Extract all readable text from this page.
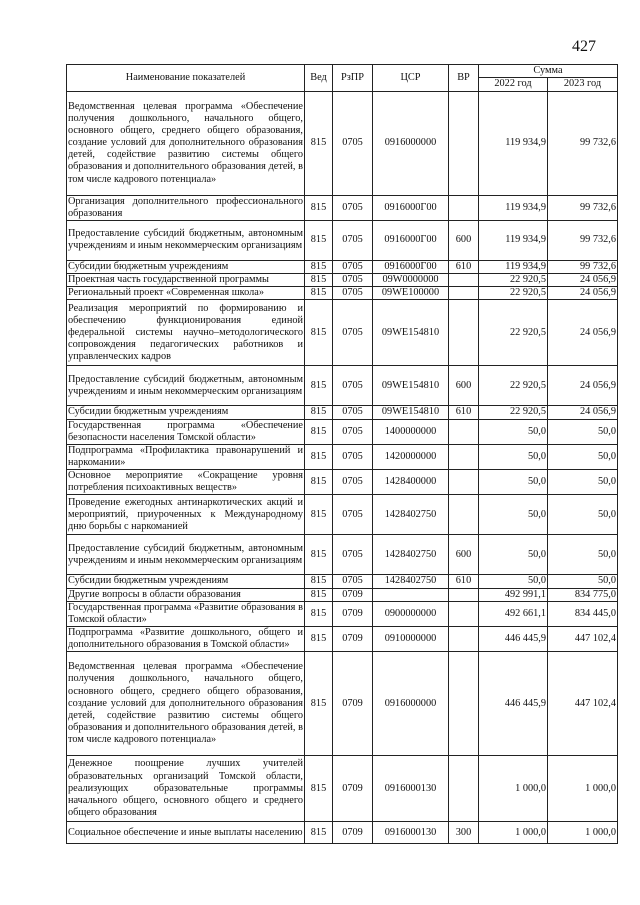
427
Наименование показателей	Вед	РзПР	ЦСР	ВР	Сумма	
					2022 год	2023 год
Ведомственная целевая программа «Обеспечение получения дошкольного, начального общего, основного общего, среднего общего образования, создание условий для дополнительного образования детей, содействие развитию системы общего образования и дополнительного образования детей, в том числе кадрового потенциала»	815	0705	0916000000		119 934,9	99 732,6
Организация дополнительного профессионального образования	815	0705	0916000Г00		119 934,9	99 732,6
Предоставление субсидий бюджетным, автономным учреждениям и иным некоммерческим организациям	815	0705	0916000Г00	600	119 934,9	99 732,6
Субсидии бюджетным учреждениям	815	0705	0916000Г00	610	119 934,9	99 732,6
Проектная часть государственной программы	815	0705	09W0000000		22 920,5	24 056,9
Региональный проект «Современная школа»	815	0705	09WE100000		22 920,5	24 056,9
Реализация мероприятий по формированию и обеспечению функционирования единой федеральной системы научно–методологического сопровождения педагогических работников и управленческих кадров	815	0705	09WE154810		22 920,5	24 056,9
Предоставление субсидий бюджетным, автономным учреждениям и иным некоммерческим организациям	815	0705	09WE154810	600	22 920,5	24 056,9
Субсидии бюджетным учреждениям	815	0705	09WE154810	610	22 920,5	24 056,9
Государственная программа «Обеспечение безопасности населения Томской области»	815	0705	1400000000		50,0	50,0
Подпрограмма «Профилактика правонарушений и наркомании»	815	0705	1420000000		50,0	50,0
Основное мероприятие «Сокращение уровня потребления психоактивных веществ»	815	0705	1428400000		50,0	50,0
Проведение ежегодных антинаркотических акций и мероприятий, приуроченных к Международному дню борьбы с наркоманией	815	0705	1428402750		50,0	50,0
Предоставление субсидий бюджетным, автономным учреждениям и иным некоммерческим организациям	815	0705	1428402750	600	50,0	50,0
Субсидии бюджетным учреждениям	815	0705	1428402750	610	50,0	50,0
Другие вопросы в области образования	815	0709			492 991,1	834 775,0
Государственная программа «Развитие образования в Томской области»	815	0709	0900000000		492 661,1	834 445,0
Подпрограмма «Развитие дошкольного, общего и дополнительного образования в Томской области»	815	0709	0910000000		446 445,9	447 102,4
Ведомственная целевая программа «Обеспечение получения дошкольного, начального общего, основного общего, среднего общего образования, создание условий для дополнительного образования детей, содействие развитию системы общего образования и дополнительного образования детей, в том числе кадрового потенциала»	815	0709	0916000000		446 445,9	447 102,4
Денежное поощрение лучших учителей образовательных организаций Томской области, реализующих образовательные программы начального общего, основного общего и среднего общего образования	815	0709	0916000130		1 000,0	1 000,0
Социальное обеспечение и иные выплаты населению	815	0709	0916000130	300	1 000,0	1 000,0
